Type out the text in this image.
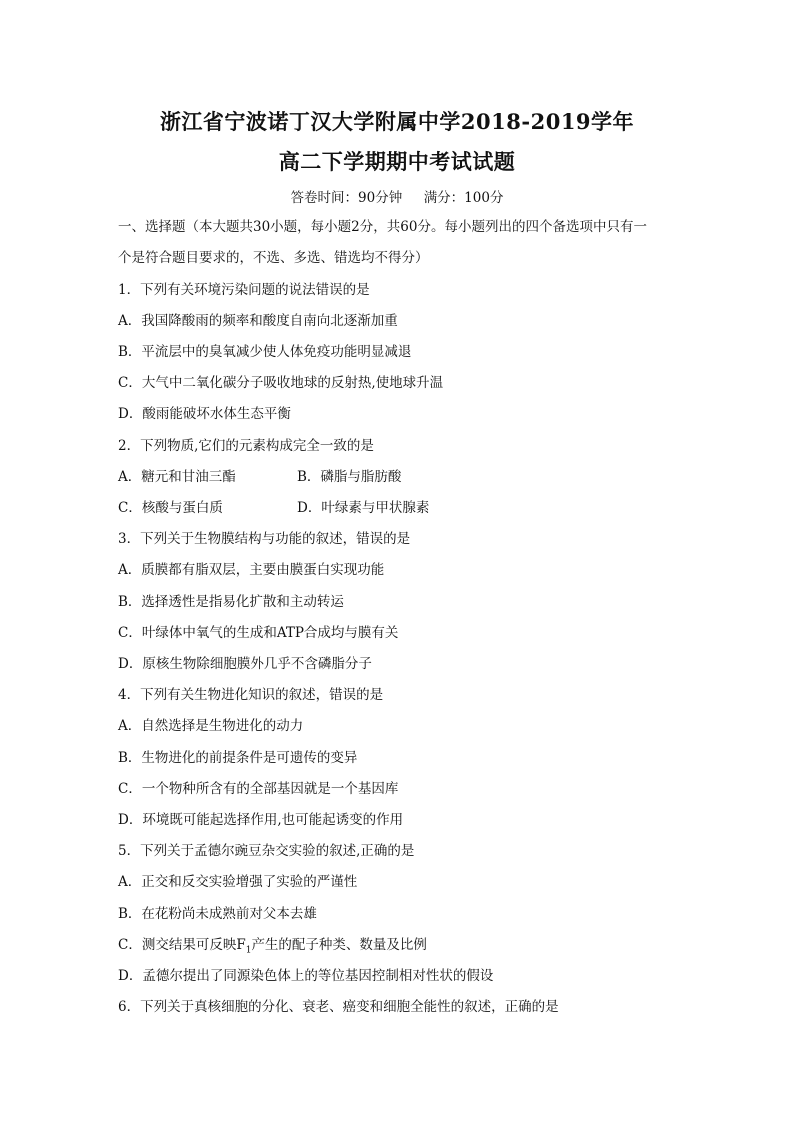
浙江省宁波诺丁汉大学附属中学2018-2019学年
高二下学期期中考试试题
答卷时间：90分钟 满分：100分
一、选择题（本大题共30小题，每小题2分，共60分。每小题列出的四个备选项中只有一
个是符合题目要求的，不选、多选、错选均不得分）
1．下列有关环境污染问题的说法错误的是
A．我国降酸雨的频率和酸度自南向北逐渐加重
B．平流层中的臭氧减少使人体免疫功能明显减退
C．大气中二氧化碳分子吸收地球的反射热,使地球升温
D．酸雨能破坏水体生态平衡
2．下列物质,它们的元素构成完全一致的是
A．糖元和甘油三酯	B．磷脂与脂肪酸
C．核酸与蛋白质	D．叶绿素与甲状腺素
3．下列关于生物膜结构与功能的叙述，错误的是
A．质膜都有脂双层，主要由膜蛋白实现功能
B．选择透性是指易化扩散和主动转运
C．叶绿体中氧气的生成和ATP合成均与膜有关
D．原核生物除细胞膜外几乎不含磷脂分子
4．下列有关生物进化知识的叙述，错误的是
A．自然选择是生物进化的动力
B．生物进化的前提条件是可遗传的变异
C．一个物种所含有的全部基因就是一个基因库
D．环境既可能起选择作用,也可能起诱变的作用
5．下列关于孟德尔豌豆杂交实验的叙述,正确的是
A．正交和反交实验增强了实验的严谨性
B．在花粉尚未成熟前对父本去雄
C．测交结果可反映$F_1$产生的配子种类、数量及比例
D．孟德尔提出了同源染色体上的等位基因控制相对性状的假设
6．下列关于真核细胞的分化、衰老、癌变和细胞全能性的叙述，正确的是
